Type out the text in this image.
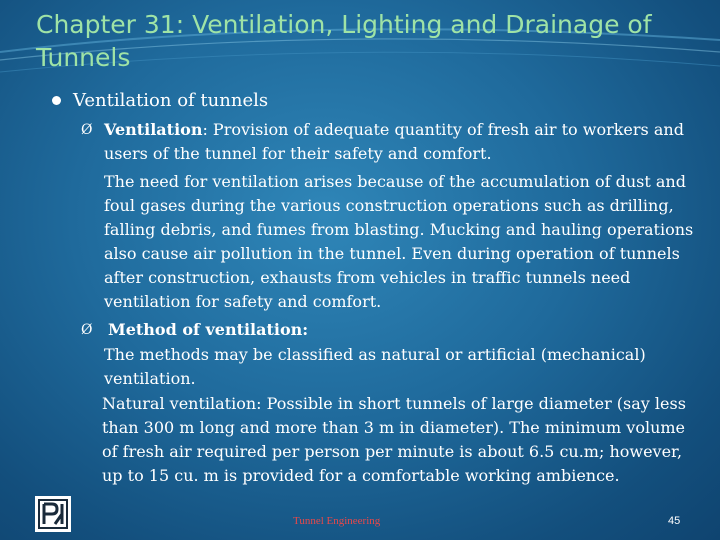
Chapter 31: Ventilation, Lighting and Drainage of Tunnels
Ventilation of tunnels
Ø Ventilation: Provision of adequate quantity of fresh air to workers and users of the tunnel for their safety and comfort.
The need for ventilation arises because of the accumulation of dust and foul gases during the various construction operations such as drilling, falling debris, and fumes from blasting. Mucking and hauling operations also cause air pollution in the tunnel. Even during operation of tunnels after construction, exhausts from vehicles in traffic tunnels need ventilation for safety and comfort.
Ø Method of ventilation:
The methods may be classified as natural or artificial (mechanical) ventilation.
Natural ventilation: Possible in short tunnels of large diameter (say less than 300 m long and more than 3 m in diameter). The minimum volume of fresh air required per person per minute is about 6.5 cu.m; however, up to 15 cu. m is provided for a comfortable working ambience.
Tunnel Engineering	45
